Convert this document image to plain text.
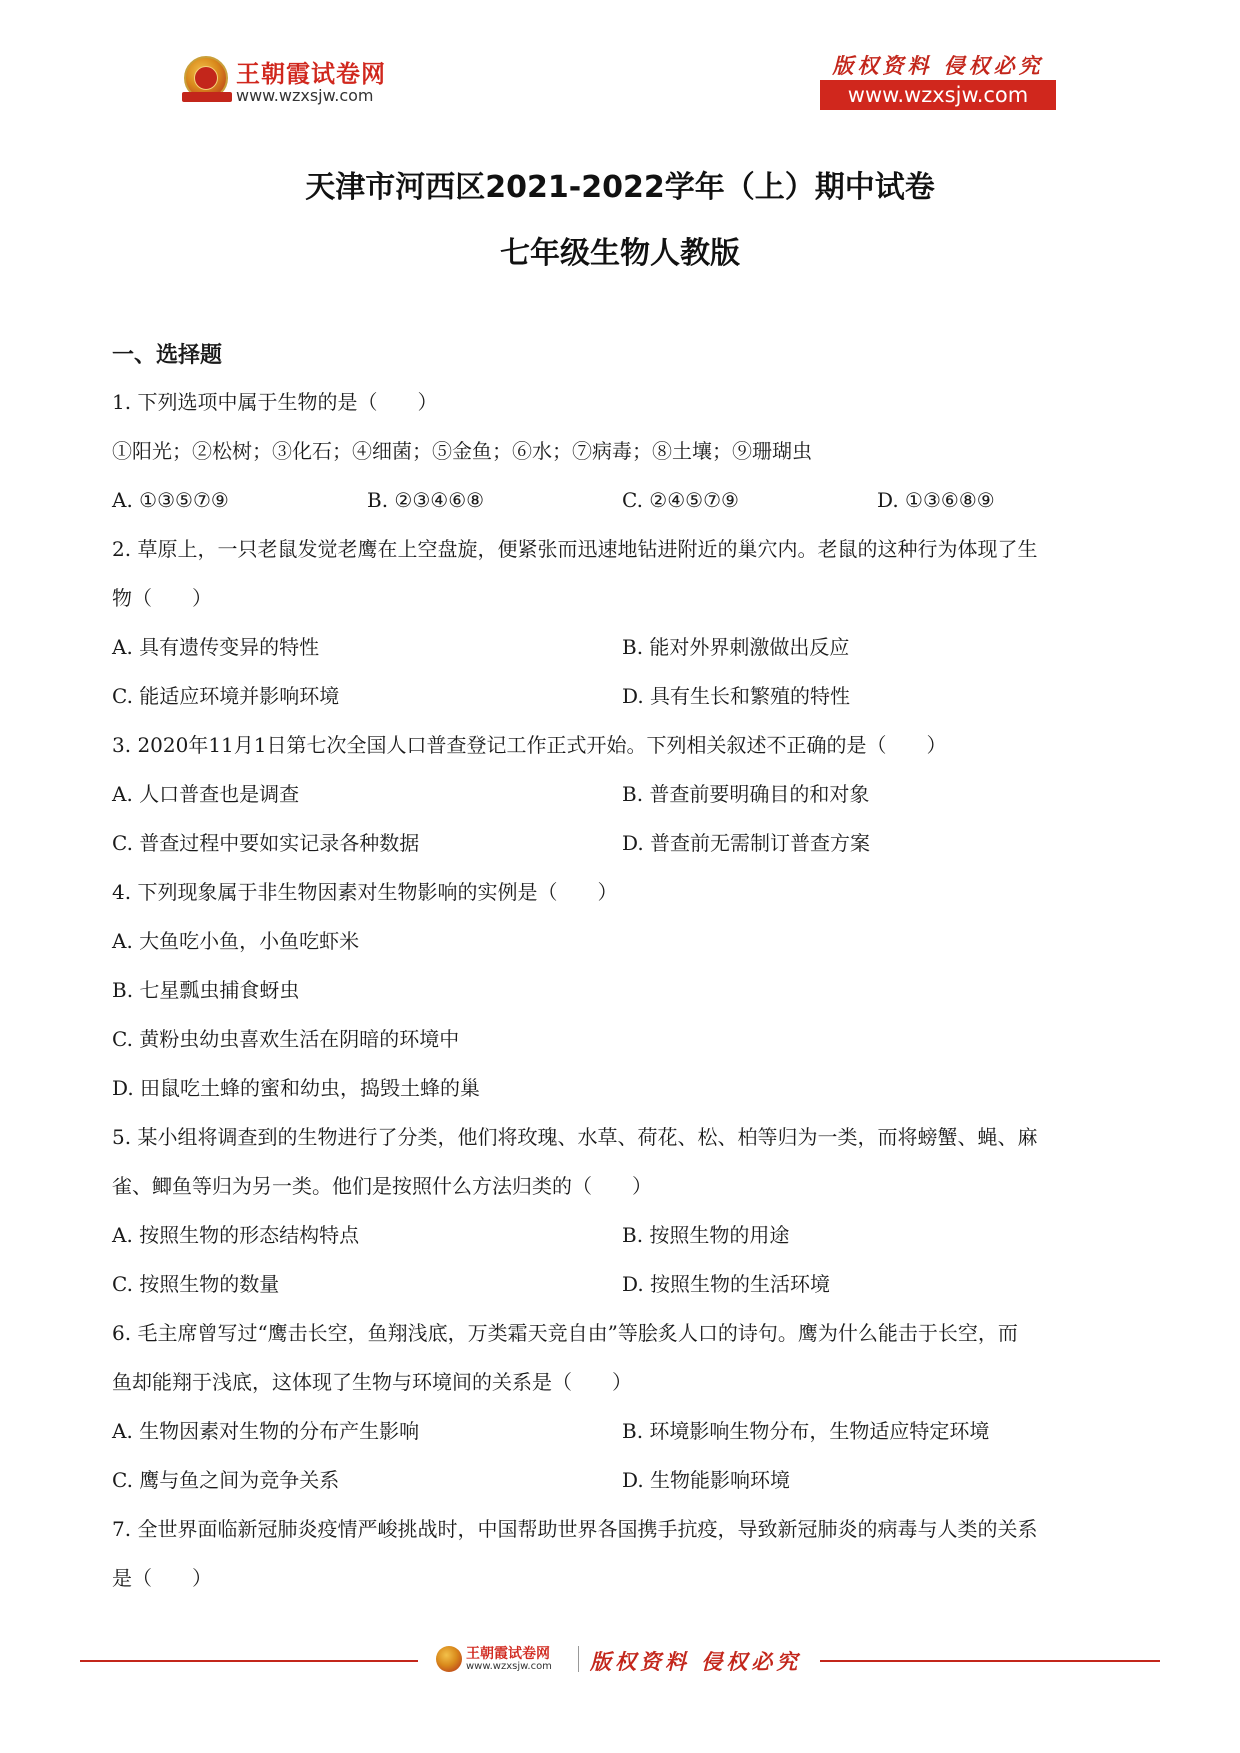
王朝霞试卷网
www.wzxsjw.com
版权资料 侵权必究
www.wzxsjw.com
天津市河西区2021-2022学年（上）期中试卷
七年级生物人教版
一、选择题
1. 下列选项中属于生物的是（　　）
①阳光；②松树；③化石；④细菌；⑤金鱼；⑥水；⑦病毒；⑧土壤；⑨珊瑚虫
A. ①③⑤⑦⑨	B. ②③④⑥⑧	C. ②④⑤⑦⑨	D. ①③⑥⑧⑨
2. 草原上，一只老鼠发觉老鹰在上空盘旋，便紧张而迅速地钻进附近的巢穴内。老鼠的这种行为体现了生
物（　　）
A. 具有遗传变异的特性	B. 能对外界刺激做出反应
C. 能适应环境并影响环境	D. 具有生长和繁殖的特性
3. 2020年11月1日第七次全国人口普查登记工作正式开始。下列相关叙述不正确的是（　　）
A. 人口普查也是调查	B. 普查前要明确目的和对象
C. 普查过程中要如实记录各种数据	D. 普查前无需制订普查方案
4. 下列现象属于非生物因素对生物影响的实例是（　　）
A. 大鱼吃小鱼，小鱼吃虾米
B. 七星瓢虫捕食蚜虫
C. 黄粉虫幼虫喜欢生活在阴暗的环境中
D. 田鼠吃土蜂的蜜和幼虫，捣毁土蜂的巢
5. 某小组将调查到的生物进行了分类，他们将玫瑰、水草、荷花、松、柏等归为一类，而将螃蟹、蝇、麻
雀、鲫鱼等归为另一类。他们是按照什么方法归类的（　　）
A. 按照生物的形态结构特点	B. 按照生物的用途
C. 按照生物的数量	D. 按照生物的生活环境
6. 毛主席曾写过“鹰击长空，鱼翔浅底，万类霜天竞自由”等脍炙人口的诗句。鹰为什么能击于长空，而
鱼却能翔于浅底，这体现了生物与环境间的关系是（　　）
A. 生物因素对生物的分布产生影响	B. 环境影响生物分布，生物适应特定环境
C. 鹰与鱼之间为竞争关系	D. 生物能影响环境
7. 全世界面临新冠肺炎疫情严峻挑战时，中国帮助世界各国携手抗疫，导致新冠肺炎的病毒与人类的关系
是（　　）
王朝霞试卷网
www.wzxsjw.com 版权资料 侵权必究
